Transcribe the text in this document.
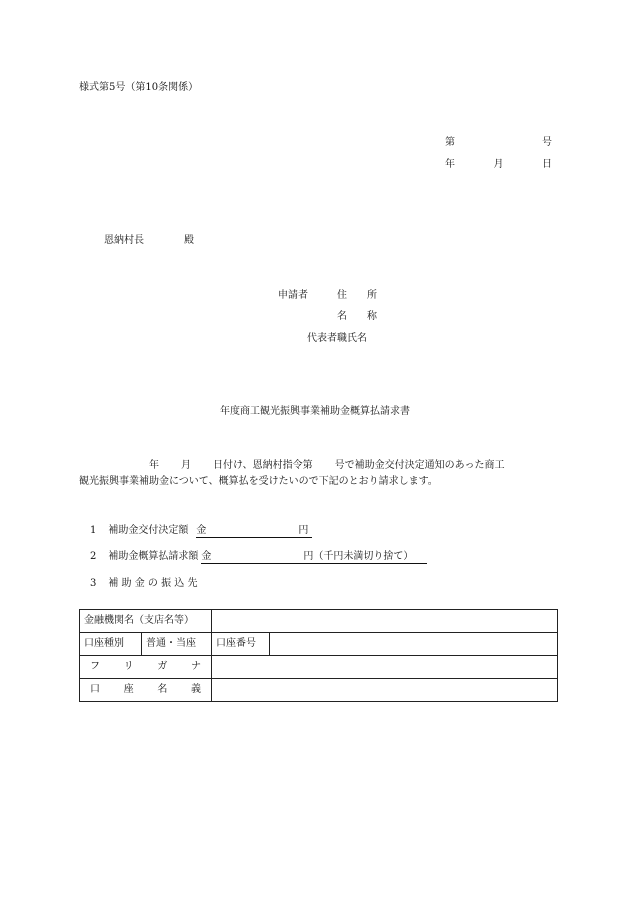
様式第5号（第10条関係）
第	号
年	月	日
恩納村長	殿
申請者	住 所
名 称
代表者職氏名
年度商工観光振興事業補助金概算払請求書
年 月 日付け、恩納村指令第 号で補助金交付決定通知のあった商工
観光振興事業補助金について、概算払を受けたいので下記のとおり請求します。
1 補助金交付決定額 金	円
2 補助金概算払請求額 金	円（千円未満切り捨て）
3 補 助 金 の 振 込 先
金融機関名（支店名等）			
口座種別	普通・当座	口座番号	

フ リ ガ ナ			

口 座 名 義			
